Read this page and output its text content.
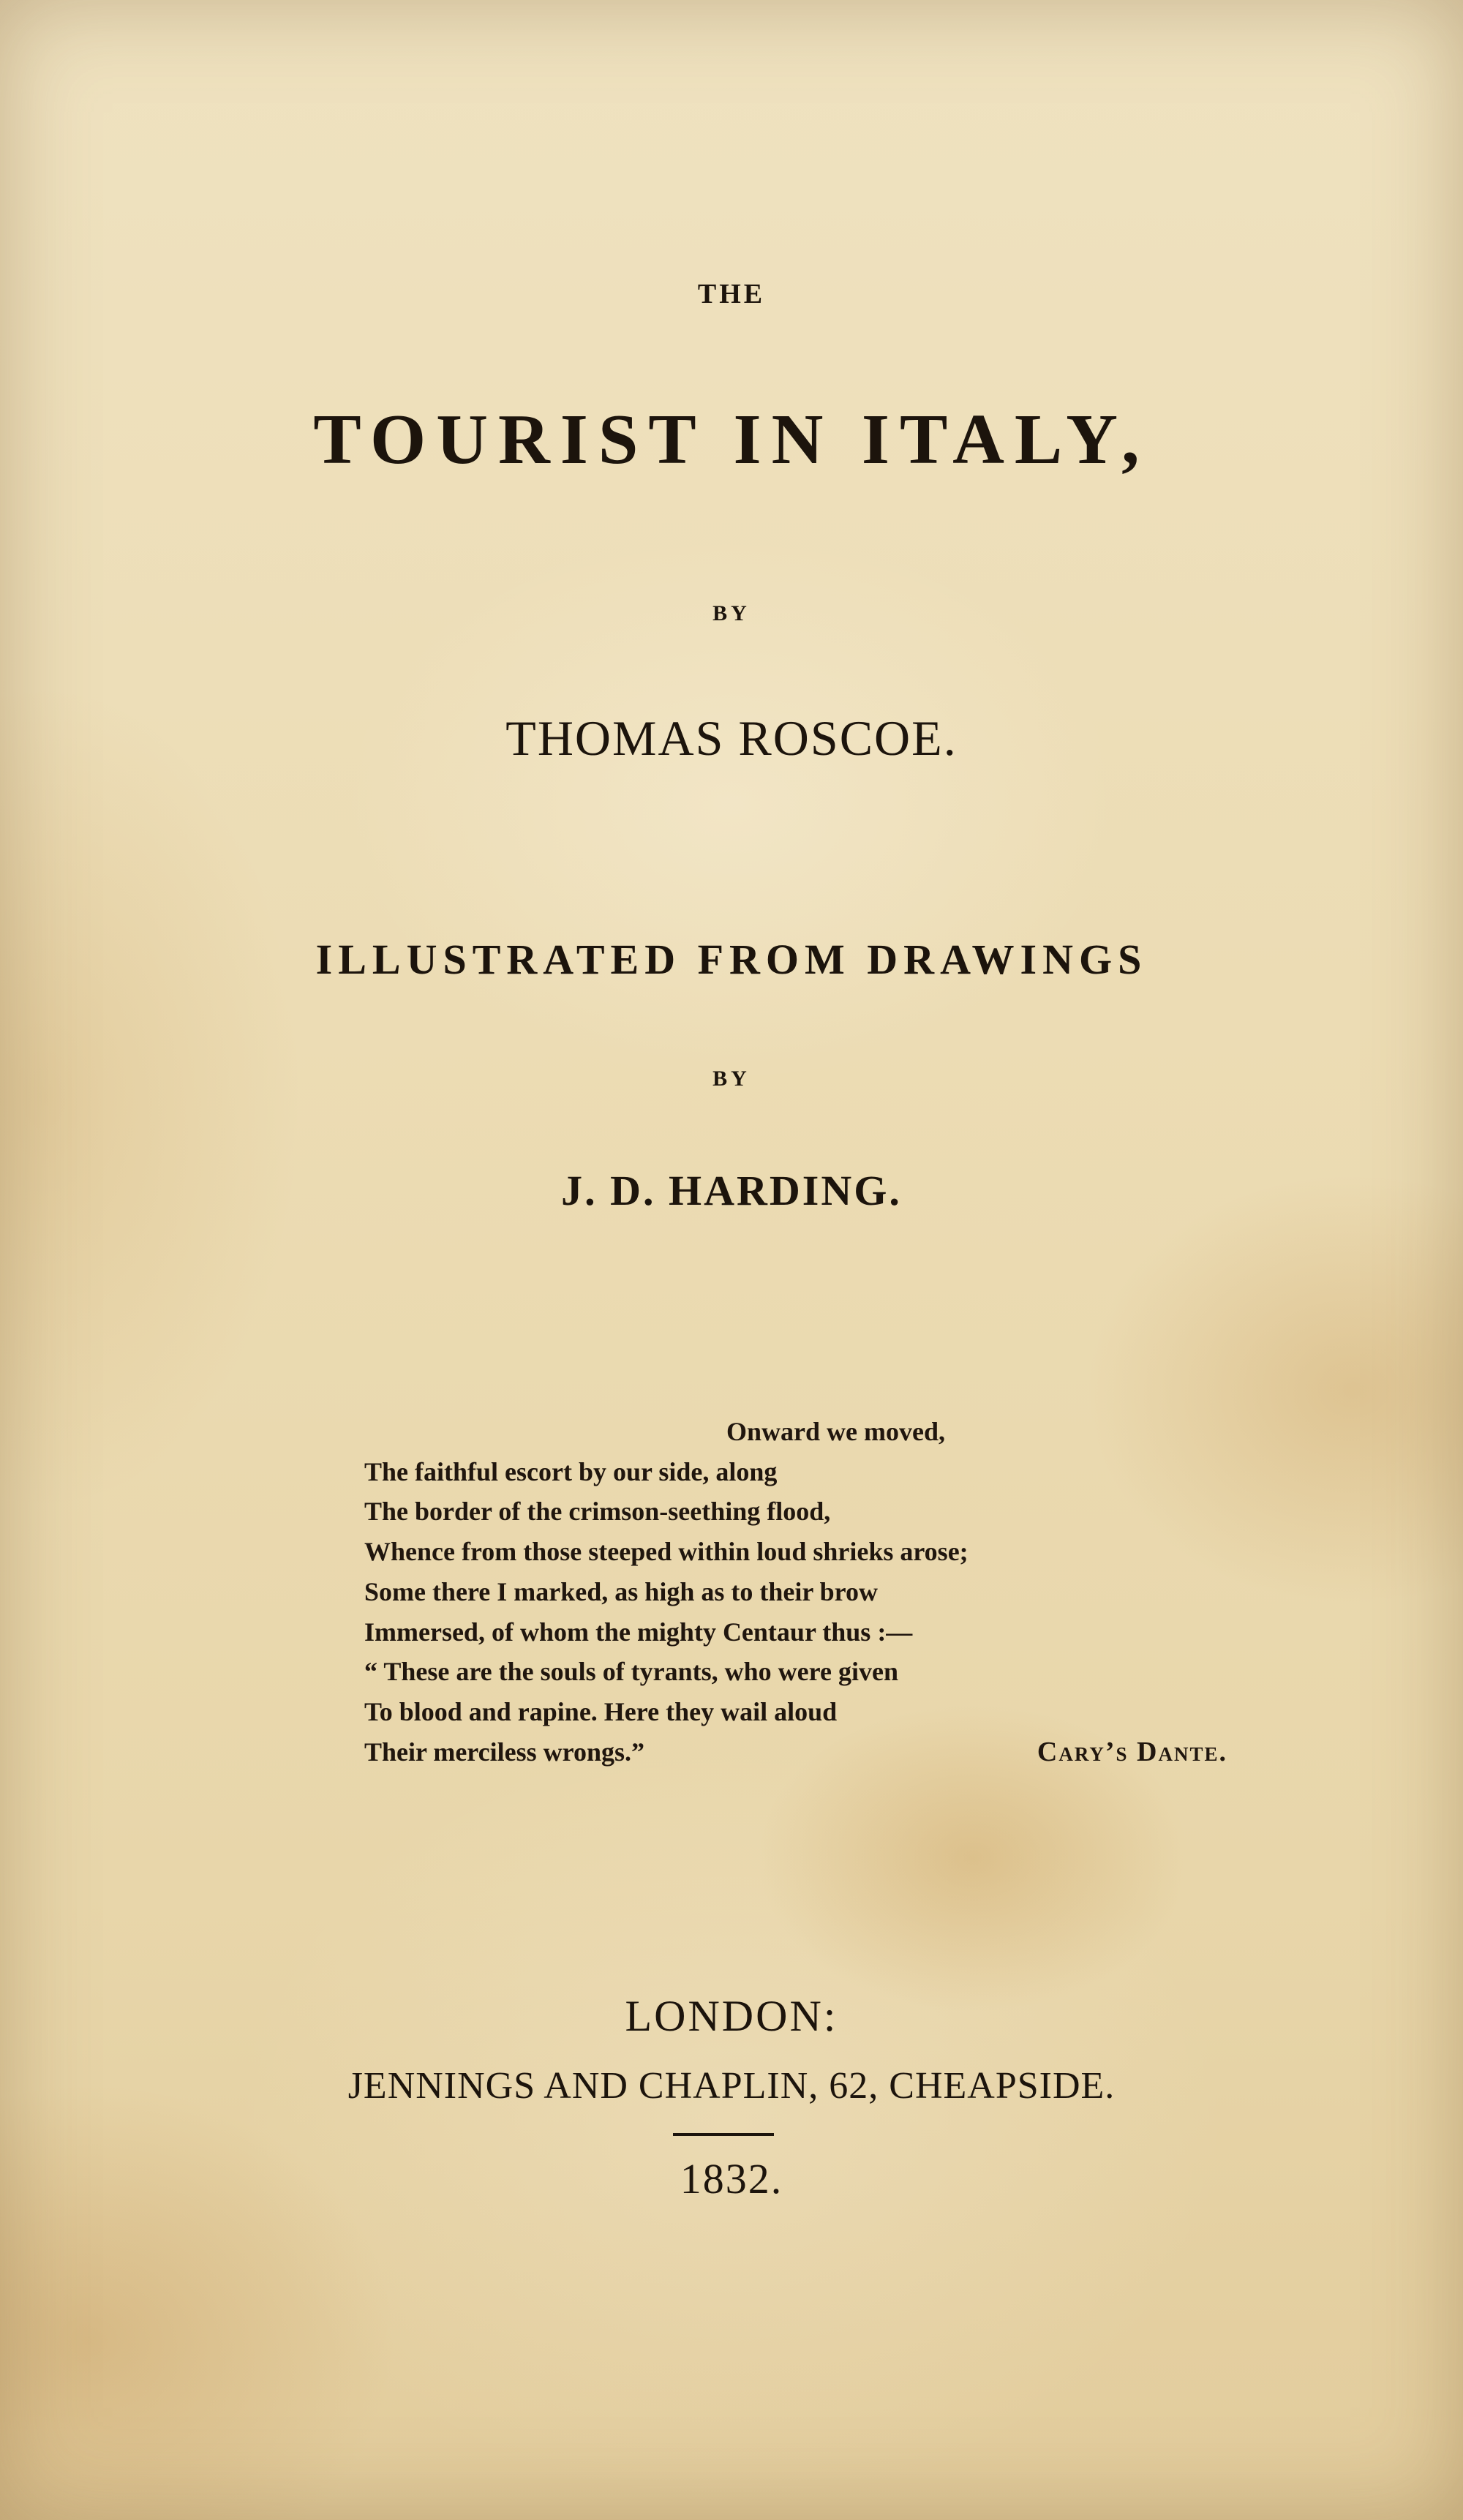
THE
TOURIST IN ITALY,
BY
THOMAS ROSCOE.
ILLUSTRATED FROM DRAWINGS
BY
J. D. HARDING.
Onward we moved,
The faithful escort by our side, along
The border of the crimson-seething flood,
Whence from those steeped within loud shrieks arose;
Some there I marked, as high as to their brow
Immersed, of whom the mighty Centaur thus :—
“ These are the souls of tyrants, who were given
To blood and rapine. Here they wail aloud
Their merciless wrongs.”	Cary’s Dante.
LONDON:
JENNINGS AND CHAPLIN, 62, CHEAPSIDE.
1832.
